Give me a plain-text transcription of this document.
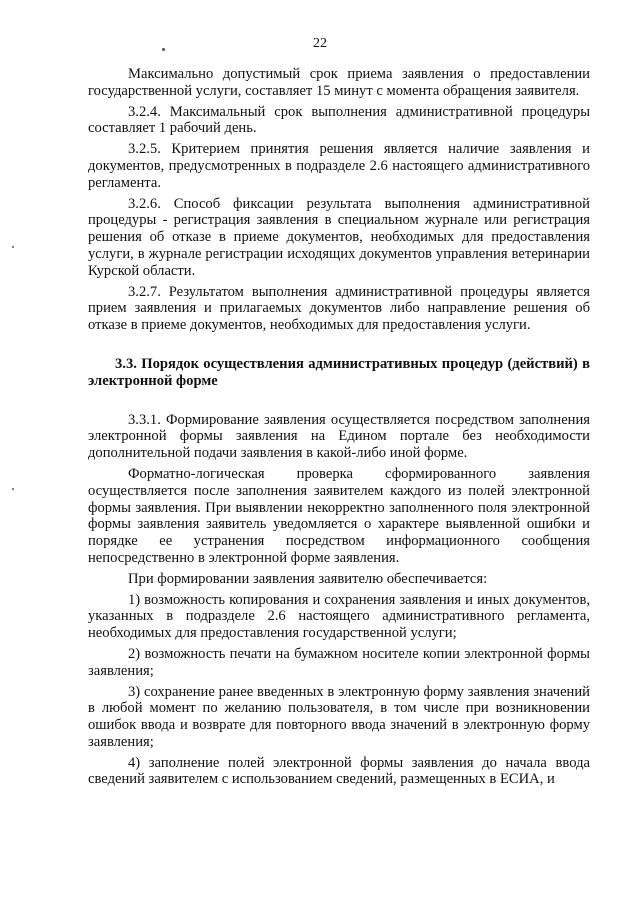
22

Максимально допустимый срок приема заявления о предоставлении государственной услуги, составляет 15 минут с момента обращения заявителя.

3.2.4. Максимальный срок выполнения административной процедуры составляет 1 рабочий день.

3.2.5. Критерием принятия решения является наличие заявления и документов, предусмотренных в подразделе 2.6 настоящего административного регламента.

3.2.6. Способ фиксации результата выполнения административной процедуры - регистрация заявления в специальном журнале или регистрация решения об отказе в приеме документов, необходимых для предоставления услуги, в журнале регистрации исходящих документов управления ветеринарии Курской области.

3.2.7. Результатом выполнения административной процедуры является прием заявления и прилагаемых документов либо направление решения об отказе в приеме документов, необходимых для предоставления услуги.

3.3. Порядок осуществления административных процедур (действий) в электронной форме

3.3.1. Формирование заявления осуществляется посредством заполнения электронной формы заявления на Едином портале без необходимости дополнительной подачи заявления в какой-либо иной форме.

Форматно-логическая проверка сформированного заявления осуществляется после заполнения заявителем каждого из полей электронной формы заявления. При выявлении некорректно заполненного поля электронной формы заявления заявитель уведомляется о характере выявленной ошибки и порядке ее устранения посредством информационного сообщения непосредственно в электронной форме заявления.

При формировании заявления заявителю обеспечивается:

1) возможность копирования и сохранения заявления и иных документов, указанных в подразделе 2.6 настоящего административного регламента, необходимых для предоставления государственной услуги;

2) возможность печати на бумажном носителе копии электронной формы заявления;

3) сохранение ранее введенных в электронную форму заявления значений в любой момент по желанию пользователя, в том числе при возникновении ошибок ввода и возврате для повторного ввода значений в электронную форму заявления;

4) заполнение полей электронной формы заявления до начала ввода сведений заявителем с использованием сведений, размещенных в ЕСИА, и
